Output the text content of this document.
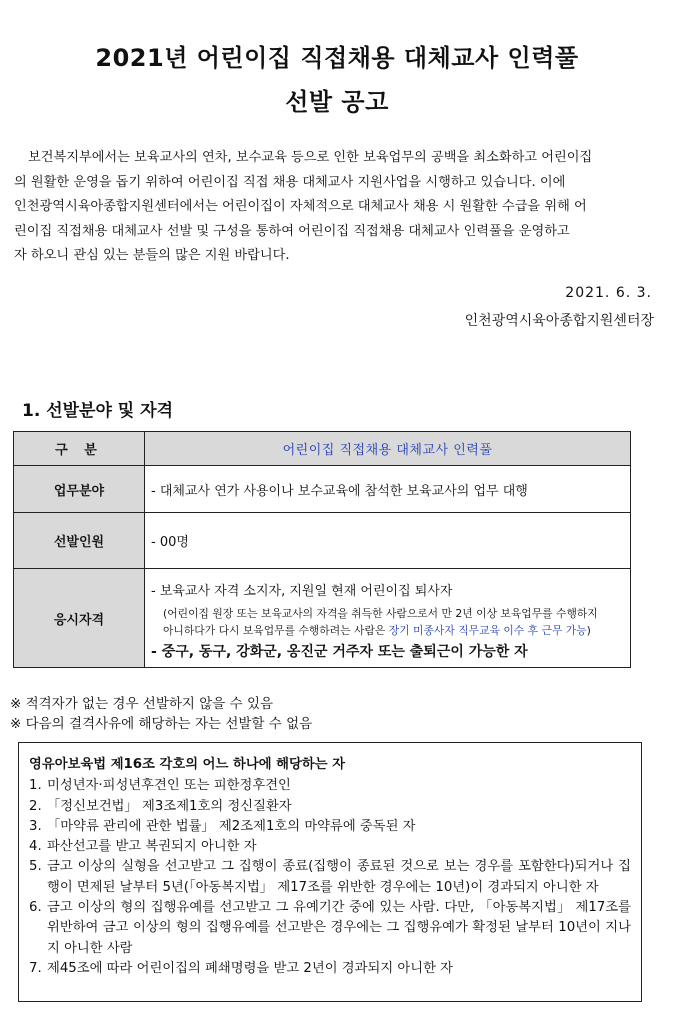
2021년 어린이집 직접채용 대체교사 인력풀
선발 공고
보건복지부에서는 보육교사의 연차, 보수교육 등으로 인한 보육업무의 공백을 최소화하고 어린이집
의 원활한 운영을 돕기 위하여 어린이집 직접 채용 대체교사 지원사업을 시행하고 있습니다. 이에
인천광역시육아종합지원센터에서는 어린이집이 자체적으로 대체교사 채용 시 원활한 수급을 위해 어
린이집 직접채용 대체교사 선발 및 구성을 통하여 어린이집 직접채용 대체교사 인력풀을 운영하고
자 하오니 관심 있는 분들의 많은 지원 바랍니다.
2021. 6. 3.
인천광역시육아종합지원센터장
1. 선발분야 및 자격
구 분	어린이집 직접채용 대체교사 인력풀
업무분야	- 대체교사 연가 사용이나 보수교육에 참석한 보육교사의 업무 대행
선발인원	- 00명
응시자격	- 보육교사 자격 소지자, 지원일 현재 어린이집 퇴사자
(어린이집 원장 또는 보육교사의 자격을 취득한 사람으로서 만 2년 이상 보육업무를 수행하지
아니하다가 다시 보육업무를 수행하려는 사람은 장기 미종사자 직무교육 이수 후 근무 가능)
- 중구, 동구, 강화군, 옹진군 거주자 또는 출퇴근이 가능한 자
※ 적격자가 없는 경우 선발하지 않을 수 있음
※ 다음의 결격사유에 해당하는 자는 선발할 수 없음
영유아보육법 제16조 각호의 어느 하나에 해당하는 자
1. 미성년자·피성년후견인 또는 피한정후견인
2. 「정신보건법」 제3조제1호의 정신질환자
3. 「마약류 관리에 관한 법률」 제2조제1호의 마약류에 중독된 자
4. 파산선고를 받고 복권되지 아니한 자
5. 금고 이상의 실형을 선고받고 그 집행이 종료(집행이 종료된 것으로 보는 경우를 포함한다)되거나 집행이 면제된 날부터 5년(「아동복지법」 제17조를 위반한 경우에는 10년)이 경과되지 아니한 자
6. 금고 이상의 형의 집행유예를 선고받고 그 유예기간 중에 있는 사람. 다만, 「아동복지법」 제17조를 위반하여 금고 이상의 형의 집행유예를 선고받은 경우에는 그 집행유예가 확정된 날부터 10년이 지나지 아니한 사람
7. 제45조에 따라 어린이집의 폐쇄명령을 받고 2년이 경과되지 아니한 자
